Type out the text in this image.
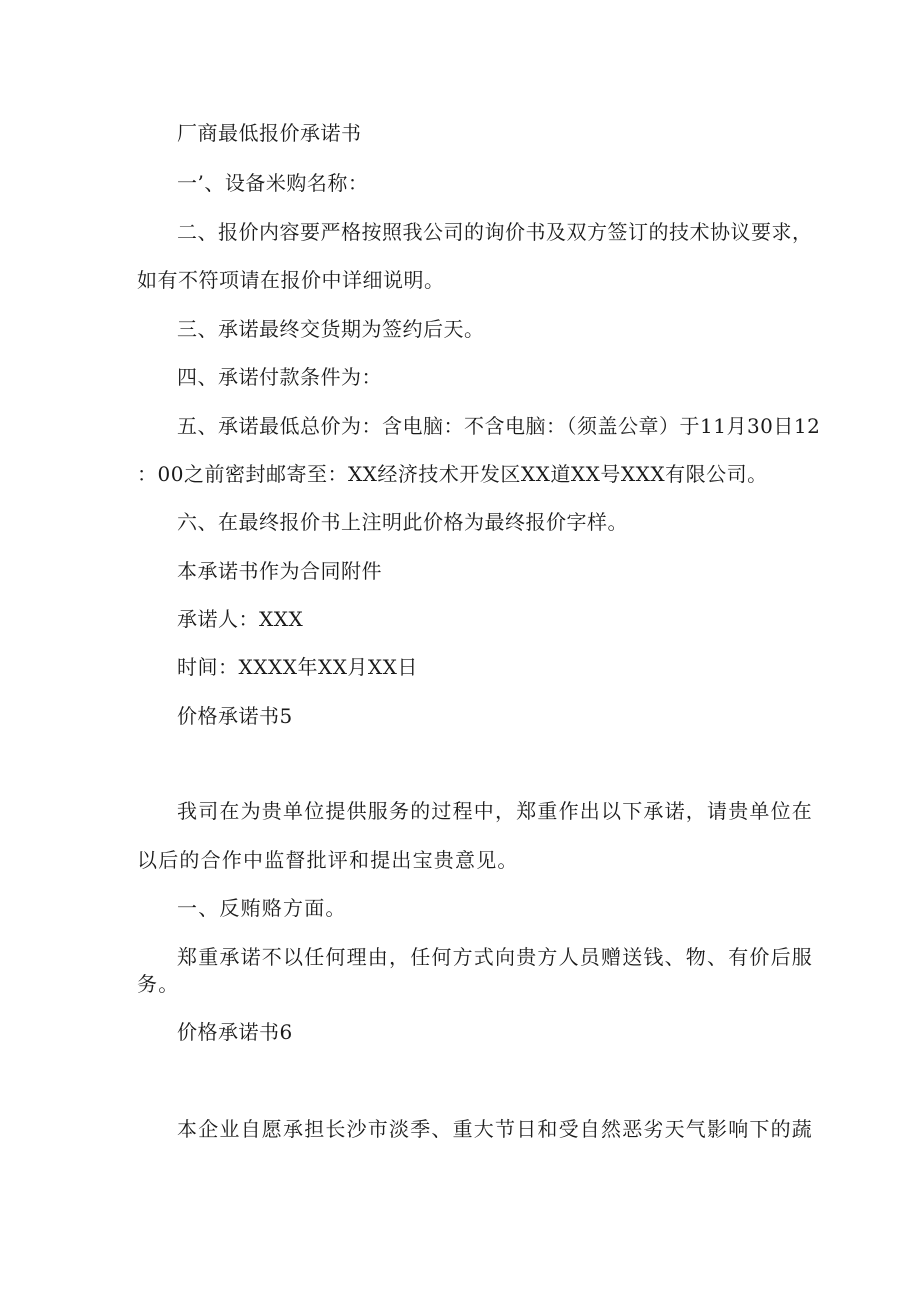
厂商最低报价承诺书
一’、设备米购名称：
二、报价内容要严格按照我公司的询价书及双方签订的技术协议要求，
如有不符项请在报价中详细说明。
三、承诺最终交货期为签约后天。
四、承诺付款条件为：
五、承诺最低总价为：含电脑：不含电脑：（须盖公章）于11月30日12
：00之前密封邮寄至：XX经济技术开发区XX道XX号XXX有限公司。
六、在最终报价书上注明此价格为最终报价字样。
本承诺书作为合同附件
承诺人：XXX
时间：XXXX年XX月XX日
价格承诺书5
我司在为贵单位提供服务的过程中，郑重作出以下承诺，请贵单位在
以后的合作中监督批评和提出宝贵意见。
一、反贿赂方面。
郑重承诺不以任何理由，任何方式向贵方人员赠送钱、物、有价后服
务。
价格承诺书6
本企业自愿承担长沙市淡季、重大节日和受自然恶劣天气影响下的蔬
